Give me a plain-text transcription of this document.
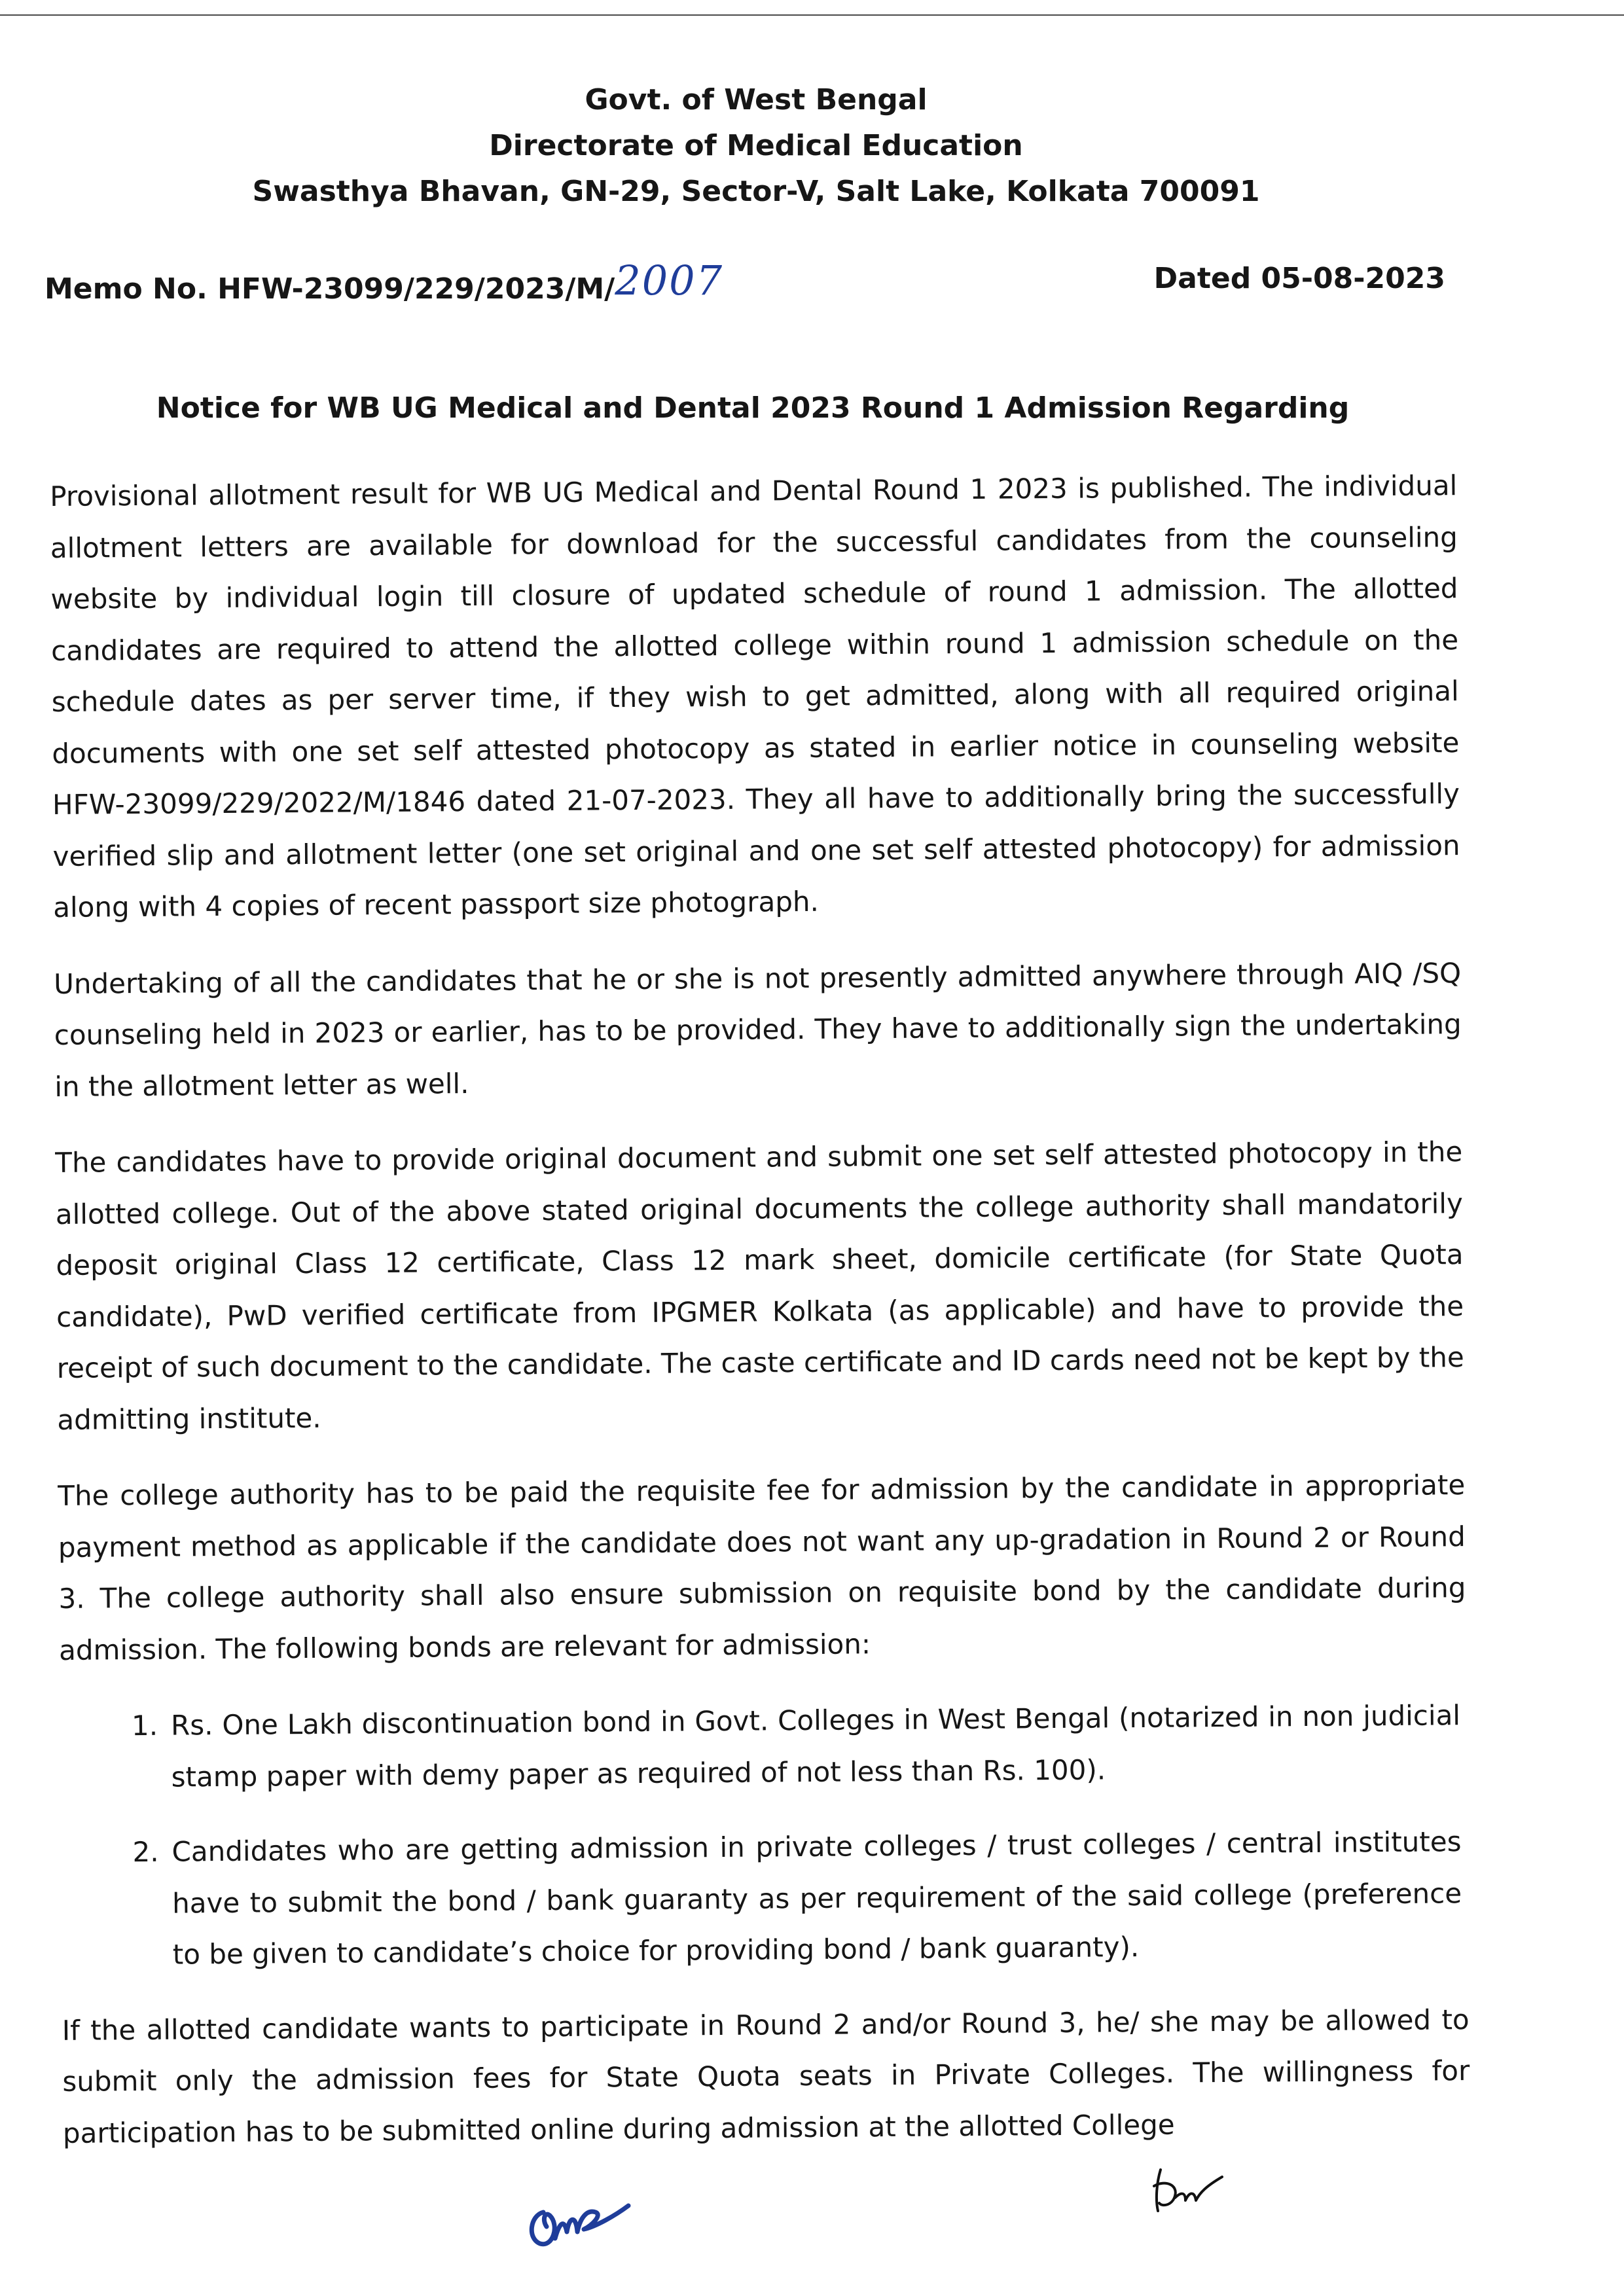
Govt. of West Bengal
Directorate of Medical Education
Swasthya Bhavan, GN-29, Sector-V, Salt Lake, Kolkata 700091
Memo No. HFW-23099/229/2023/M/2007	Dated 05-08-2023
Notice for WB UG Medical and Dental 2023 Round 1 Admission Regarding

Provisional allotment result for WB UG Medical and Dental Round 1 2023 is published. The individual allotment letters are available for download for the successful candidates from the counseling website by individual login till closure of updated schedule of round 1 admission. The allotted candidates are required to attend the allotted college within round 1 admission schedule on the schedule dates as per server time, if they wish to get admitted, along with all required original documents with one set self attested photocopy as stated in earlier notice in counseling website HFW-23099/229/2022/M/1846 dated 21-07-2023. They all have to additionally bring the successfully verified slip and allotment letter (one set original and one set self attested photocopy) for admission along with 4 copies of recent passport size photograph.

Undertaking of all the candidates that he or she is not presently admitted anywhere through AIQ /SQ counseling held in 2023 or earlier, has to be provided. They have to additionally sign the undertaking in the allotment letter as well.

The candidates have to provide original document and submit one set self attested photocopy in the allotted college. Out of the above stated original documents the college authority shall mandatorily deposit original Class 12 certificate, Class 12 mark sheet, domicile certificate (for State Quota candidate), PwD verified certificate from IPGMER Kolkata (as applicable) and have to provide the receipt of such document to the candidate. The caste certificate and ID cards need not be kept by the admitting institute.

The college authority has to be paid the requisite fee for admission by the candidate in appropriate payment method as applicable if the candidate does not want any up-gradation in Round 2 or Round 3. The college authority shall also ensure submission on requisite bond by the candidate during admission. The following bonds are relevant for admission:

1. Rs. One Lakh discontinuation bond in Govt. Colleges in West Bengal (notarized in non judicial stamp paper with demy paper as required of not less than Rs. 100).
2. Candidates who are getting admission in private colleges / trust colleges / central institutes have to submit the bond / bank guaranty as per requirement of the said college (preference to be given to candidate’s choice for providing bond / bank guaranty).

If the allotted candidate wants to participate in Round 2 and/or Round 3, he/ she may be allowed to submit only the admission fees for State Quota seats in Private Colleges. The willingness for participation has to be submitted online during admission at the allotted College
